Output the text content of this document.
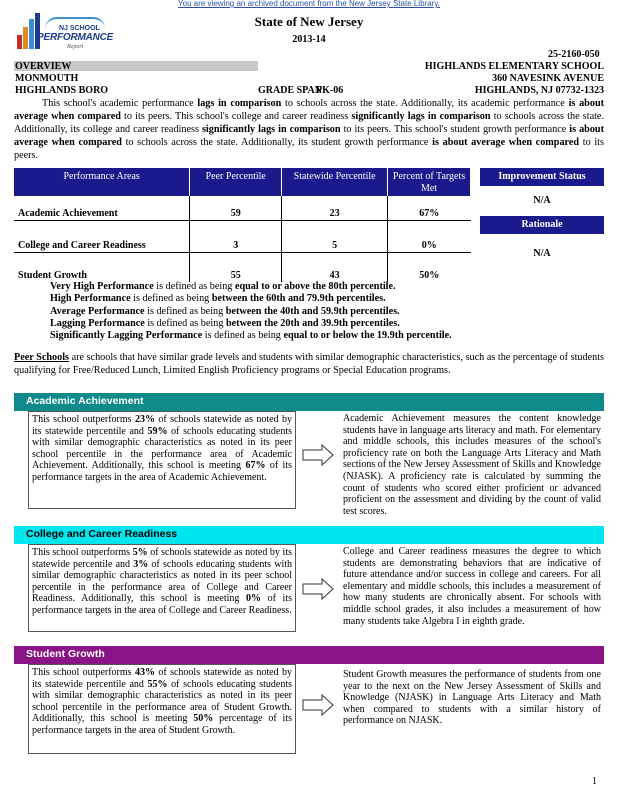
You are viewing an archived document from the New Jersey State Library.
NJ SCHOOL
PERFORMANCE
Report
State of New Jersey
2013-14
25-2160-050
OVERVIEW
MONMOUTH
HIGHLANDS BORO	GRADE SPAN
PK-06
HIGHLANDS ELEMENTARY SCHOOL
360 NAVESINK AVENUE
HIGHLANDS, NJ 07732-1323

This school's academic performance lags in comparison to schools across the state. Additionally, its academic performance is about average when compared to its peers. This school's college and career readiness significantly lags in comparison to schools across the state. Additionally, its college and career readiness significantly lags in comparison to its peers. This school's student growth performance is about average when compared to schools across the state. Additionally, its student growth performance is about average when compared to its peers.

Performance Areas	Peer Percentile	Statewide Percentile	Percent of Targets Met
Academic Achievement	59	23	67%
College and Career Readiness	3	5	0%
Student Growth	55	43	50%
Improvement Status
N/A
Rationale
N/A
Very High Performance is defined as being equal to or above the 80th percentile.
High Performance is defined as being between the 60th and 79.9th percentiles.
Average Performance is defined as being between the 40th and 59.9th percentiles.
Lagging Performance is defined as being between the 20th and 39.9th percentiles.
Significantly Lagging Performance is defined as being equal to or below the 19.9th percentile.

Peer Schools are schools that have similar grade levels and students with similar demographic characteristics, such as the percentage of students qualifying for Free/Reduced Lunch, Limited English Proficiency programs or Special Education programs.

Academic Achievement
This school outperforms 23% of schools statewide as noted by its statewide percentile and 59% of schools educating students with similar demographic characteristics as noted in its peer school percentile in the performance area of Academic Achievement. Additionally, this school is meeting 67% of its performance targets in the area of Academic Achievement.
Academic Achievement measures the content knowledge students have in language arts literacy and math. For elementary and middle schools, this includes measures of the school's proficiency rate on both the Language Arts Literacy and Math sections of the New Jersey Assessment of Skills and Knowledge (NJASK). A proficiency rate is calculated by summing the count of students who scored either proficient or advanced proficient on the assessment and dividing by the count of valid test scores.
College and Career Readiness
This school outperforms 5% of schools statewide as noted by its statewide percentile and 3% of schools educating students with similar demographic characteristics as noted in its peer school percentile in the performance area of College and Career Readiness. Additionally, this school is meeting 0% of its performance targets in the area of College and Career Readiness.
College and Career readiness measures the degree to which students are demonstrating behaviors that are indicative of future attendance and/or success in college and careers. For all elementary and middle schools, this includes a measurement of how many students are chronically absent. For schools with middle school grades, it also includes a measurement of how many students take Algebra I in eighth grade.
Student Growth
This school outperforms 43% of schools statewide as noted by its statewide percentile and 55% of schools educating students with similar demographic characteristics as noted in its peer school percentile in the performance area of Student Growth. Additionally, this school is meeting 50% percentage of its performance targets in the area of Student Growth.
Student Growth measures the performance of students from one year to the next on the New Jersey Assessment of Skills and Knowledge (NJASK) in Language Arts Literacy and Math when compared to students with a similar history of performance on NJASK.
1
